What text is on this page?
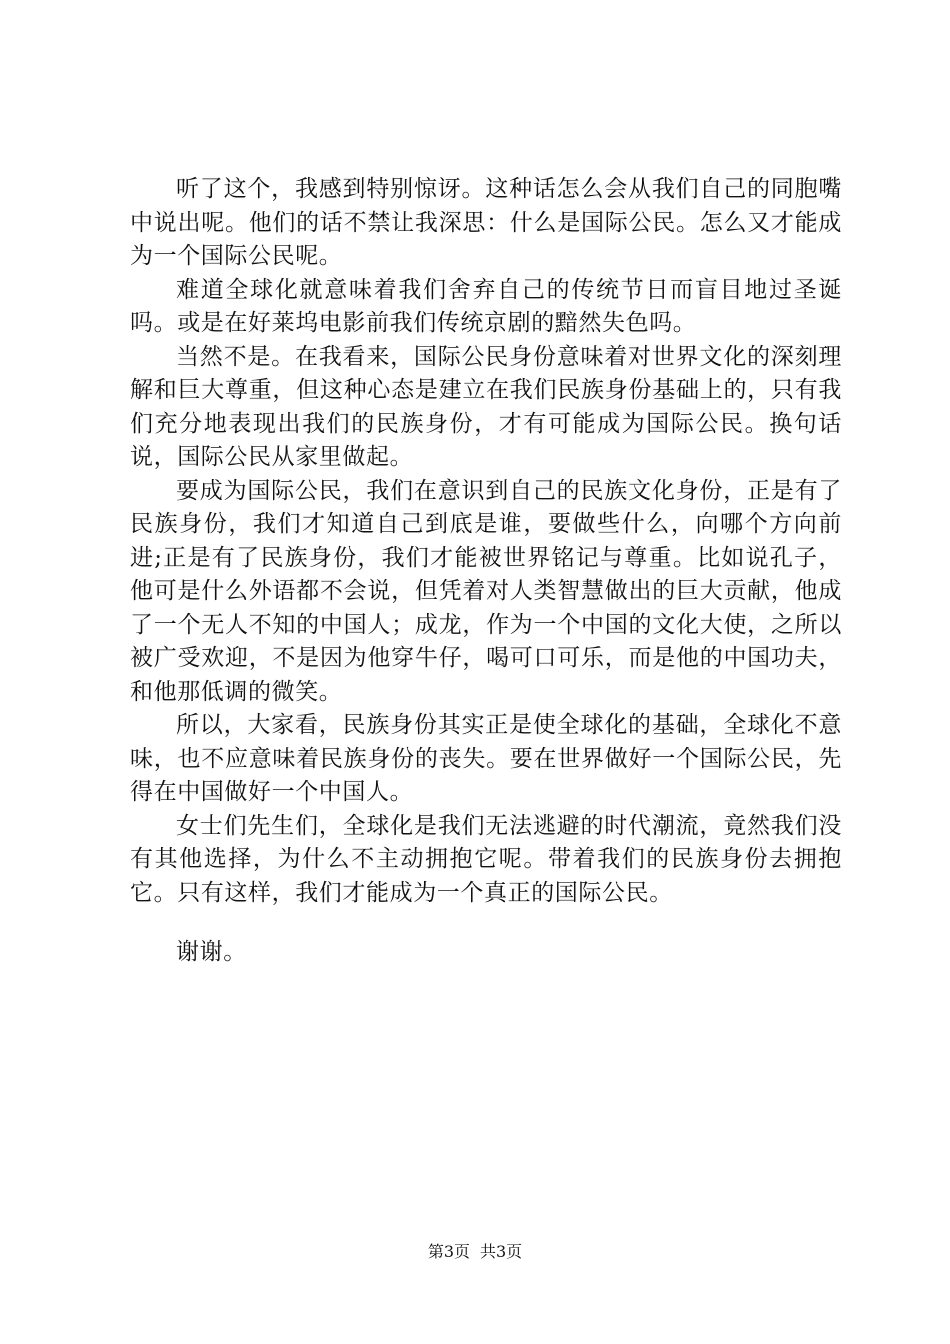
听了这个，我感到特别惊讶。这种话怎么会从我们自己的同胞嘴中说出呢。他们的话不禁让我深思：什么是国际公民。怎么又才能成为一个国际公民呢。

难道全球化就意味着我们舍弃自己的传统节日而盲目地过圣诞吗。或是在好莱坞电影前我们传统京剧的黯然失色吗。

当然不是。在我看来，国际公民身份意味着对世界文化的深刻理解和巨大尊重，但这种心态是建立在我们民族身份基础上的，只有我们充分地表现出我们的民族身份，才有可能成为国际公民。换句话说，国际公民从家里做起。

要成为国际公民，我们在意识到自己的民族文化身份，正是有了民族身份，我们才知道自己到底是谁，要做些什么，向哪个方向前进;正是有了民族身份，我们才能被世界铭记与尊重。比如说孔子，他可是什么外语都不会说，但凭着对人类智慧做出的巨大贡献，他成了一个无人不知的中国人；成龙，作为一个中国的文化大使，之所以被广受欢迎，不是因为他穿牛仔，喝可口可乐，而是他的中国功夫，和他那低调的微笑。

所以，大家看，民族身份其实正是使全球化的基础，全球化不意味，也不应意味着民族身份的丧失。要在世界做好一个国际公民，先得在中国做好一个中国人。

女士们先生们，全球化是我们无法逃避的时代潮流，竟然我们没有其他选择，为什么不主动拥抱它呢。带着我们的民族身份去拥抱它。只有这样，我们才能成为一个真正的国际公民。

谢谢。

第3页 共3页
